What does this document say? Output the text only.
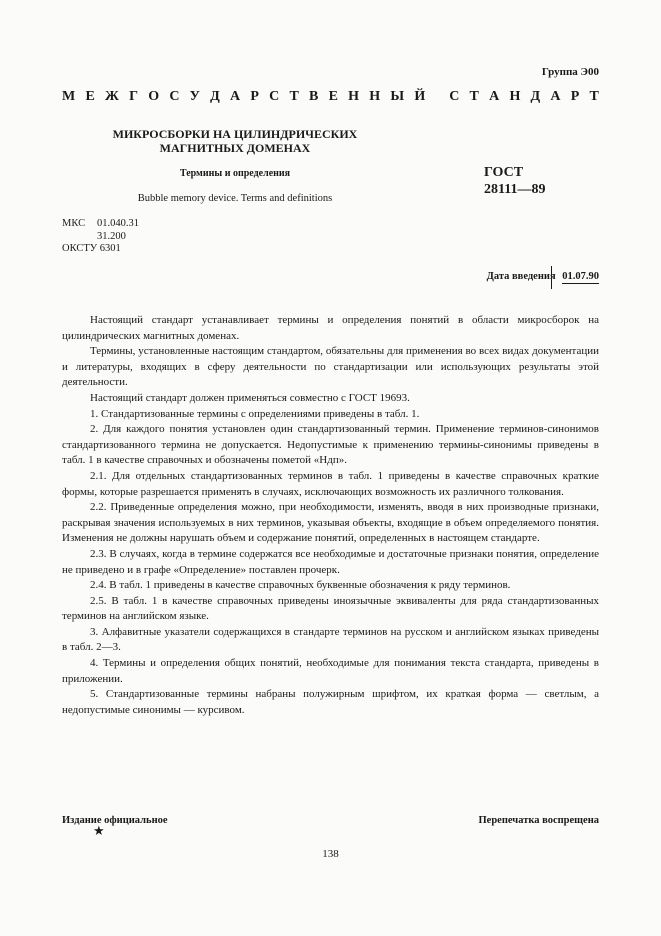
Группа Э00
М Е Ж Г О С У Д А Р С Т В Е Н Н Ы Й
С Т А Н Д А Р Т
МИКРОСБОРКИ НА ЦИЛИНДРИЧЕСКИХ
МАГНИТНЫХ ДОМЕНАХ
Термины и определения
Bubble memory device. Terms and definitions
ГОСТ
28111—89
МКС	01.040.31
31.200
ОКСТУ 6301
Дата введения 01.07.90

Настоящий стандарт устанавливает термины и определения понятий в области микросборок на цилиндрических магнитных доменах.

Термины, установленные настоящим стандартом, обязательны для применения во всех видах документации и литературы, входящих в сферу деятельности по стандартизации или использующих результаты этой деятельности.

Настоящий стандарт должен применяться совместно с ГОСТ 19693.

1. Стандартизованные термины с определениями приведены в табл. 1.

2. Для каждого понятия установлен один стандартизованный термин. Применение терминов-синонимов стандартизованного термина не допускается. Недопустимые к применению термины-синонимы приведены в табл. 1 в качестве справочных и обозначены пометой «Ндп».

2.1. Для отдельных стандартизованных терминов в табл. 1 приведены в качестве справочных краткие формы, которые разрешается применять в случаях, исключающих возможность их различного толкования.

2.2. Приведенные определения можно, при необходимости, изменять, вводя в них производные признаки, раскрывая значения используемых в них терминов, указывая объекты, входящие в объем определяемого понятия. Изменения не должны нарушать объем и содержание понятий, определенных в настоящем стандарте.

2.3. В случаях, когда в термине содержатся все необходимые и достаточные признаки понятия, определение не приведено и в графе «Определение» поставлен прочерк.

2.4. В табл. 1 приведены в качестве справочных буквенные обозначения к ряду терминов.

2.5. В табл. 1 в качестве справочных приведены иноязычные эквиваленты для ряда стандартизованных терминов на английском языке.

3. Алфавитные указатели содержащихся в стандарте терминов на русском и английском языках приведены в табл. 2—3.

4. Термины и определения общих понятий, необходимые для понимания текста стандарта, приведены в приложении.

5. Стандартизованные термины набраны полужирным шрифтом, их краткая форма — светлым, а недопустимые синонимы — курсивом.

Издание официальное
★
Перепечатка воспрещена
138
